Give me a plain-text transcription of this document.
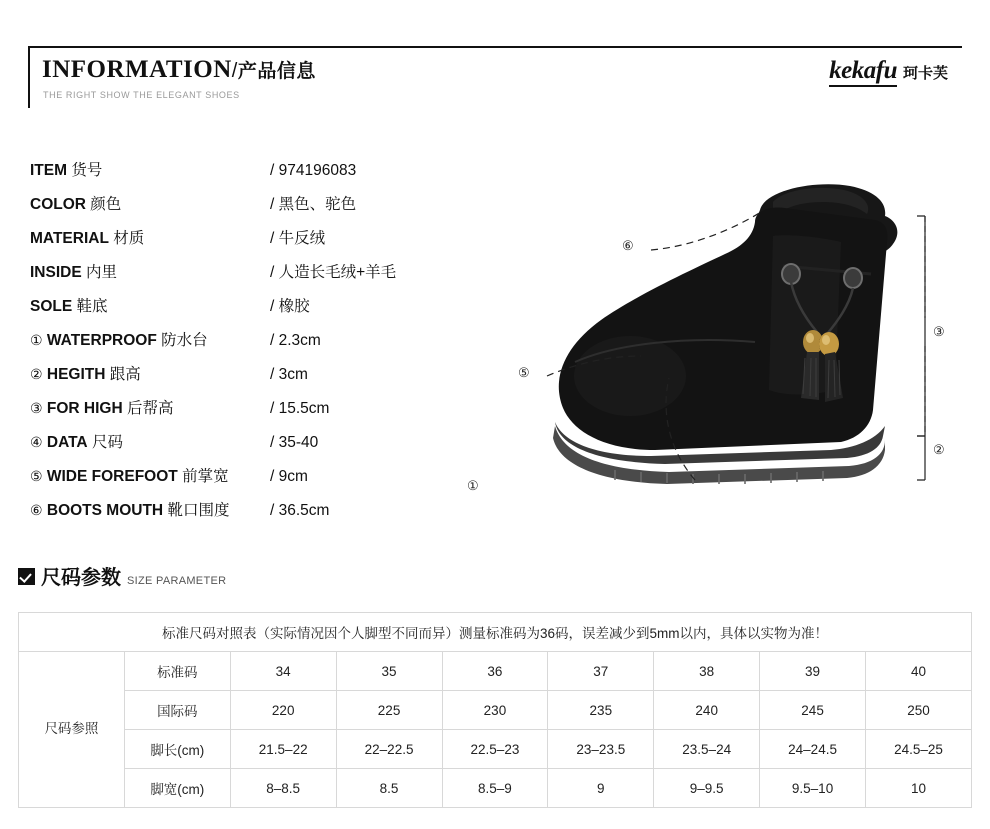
INFORMATION/产品信息
THE RIGHT SHOW THE ELEGANT SHOES
kekafu 珂卡芙
ITEM 货号	/ 974196083
COLOR 颜色	/ 黑色、驼色
MATERIAL 材质	/ 牛反绒
INSIDE 内里	/ 人造长毛绒+羊毛
SOLE 鞋底	/ 橡胶
① WATERPROOF 防水台	/ 2.3cm
② HEGITH 跟高	/ 3cm
③ FOR HIGH 后帮高	/ 15.5cm
④ DATA 尺码	/ 35-40
⑤ WIDE FOREFOOT 前掌宽	/ 9cm
⑥ BOOTS MOUTH 靴口围度	/ 36.5cm
①
②
③
⑤
⑥
尺码参数 SIZE PARAMETER
标准尺码对照表（实际情况因个人脚型不同而异）测量标准码为36码，误差减少到5mm以内，具体以实物为准！								
尺码参照	标准码	34	35	36	37	38	39	40
	国际码	220	225	230	235	240	245	250
	脚长(cm)	21.5–22	22–22.5	22.5–23	23–23.5	23.5–24	24–24.5	24.5–25
	脚宽(cm)	8–8.5	8.5	8.5–9	9	9–9.5	9.5–10	10
